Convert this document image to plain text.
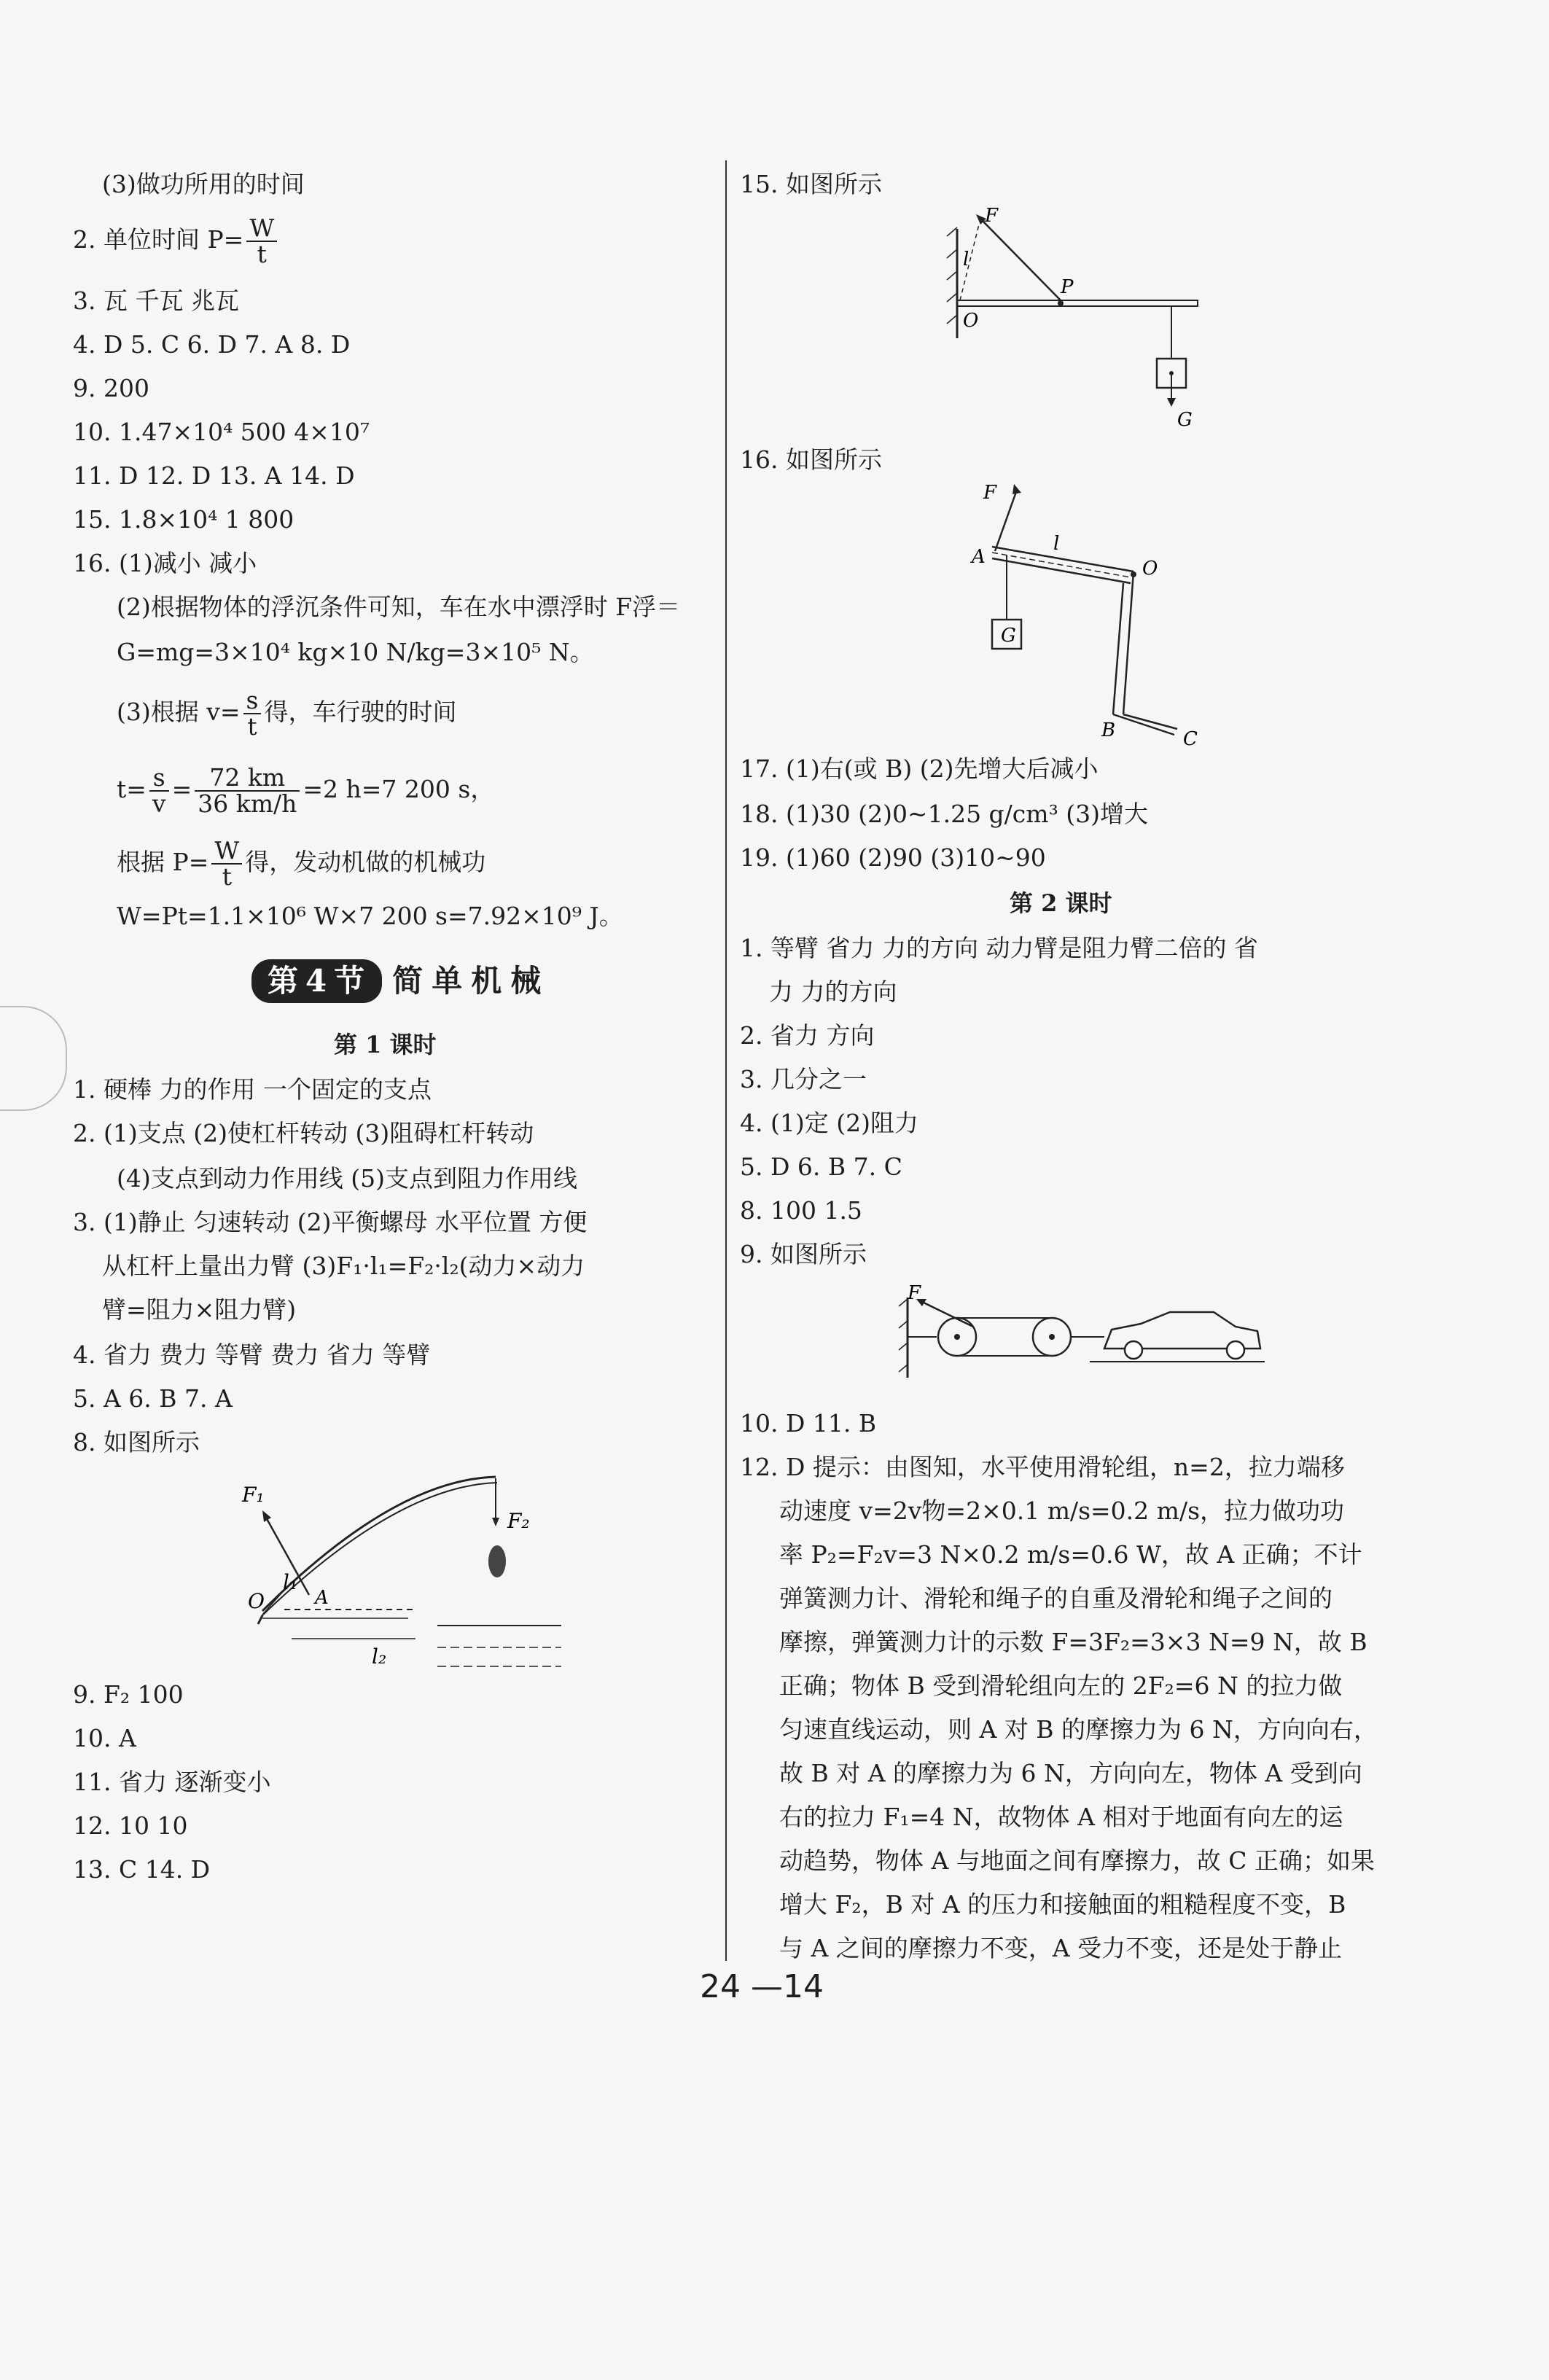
(3)做功所用的时间
2. 单位时间 $P= \frac{W}{t}$
3. 瓦 千瓦 兆瓦
4. D 5. C 6. D 7. A 8. D
9. 200
10. 1.47×10⁴ 500 4×10⁷
11. D 12. D 13. A 14. D
15. 1.8×10⁴ 1 800
16. (1)减小 减小
(2)根据物体的浮沉条件可知，车在水中漂浮时 F浮＝
G=mg=3×10⁴ kg×10 N/kg=3×10⁵ N。
(3)根据 $v= \frac{s}{t}$ 得，车行驶的时间
$t= \frac{s}{v} = \frac{72 km}{36 km/h} =2$ h=7 200 s，
根据 $P= \frac{W}{t}$ 得，发动机做的机械功
W=Pt=1.1×10⁶ W×7 200 s=7.92×10⁹ J。
第4节 简单机械
第 1 课时
1. 硬棒 力的作用 一个固定的支点
2. (1)支点 (2)使杠杆转动 (3)阻碍杠杆转动
(4)支点到动力作用线 (5)支点到阻力作用线
3. (1)静止 匀速转动 (2)平衡螺母 水平位置 方便
从杠杆上量出力臂 (3)F₁·l₁=F₂·l₂(动力×动力
臂=阻力×阻力臂)
4. 省力 费力 等臂 费力 省力 等臂
5. A 6. B 7. A
8. 如图所示
F₁
F₂
l₁
A
O
l₂
9. F₂ 100
10. A
11. 省力 逐渐变小
12. 10 10
13. C 14. D
15. 如图所示
F
l
P
O
G
16. 如图所示
F
l
A
O
G
B	C
17. (1)右(或 B) (2)先增大后减小
18. (1)30 (2)0~1.25 g/cm³ (3)增大
19. (1)60 (2)90 (3)10~90
第 2 课时
1. 等臂 省力 力的方向 动力臂是阻力臂二倍的 省
力 力的方向
2. 省力 方向
3. 几分之一
4. (1)定 (2)阻力
5. D 6. B 7. C
8. 100 1.5
9. 如图所示
F
10. D 11. B
12. D 提示：由图知，水平使用滑轮组，n=2，拉力端移
动速度 v=2v物=2×0.1 m/s=0.2 m/s，拉力做功功
率 P₂=F₂v=3 N×0.2 m/s=0.6 W，故 A 正确；不计
弹簧测力计、滑轮和绳子的自重及滑轮和绳子之间的
摩擦，弹簧测力计的示数 F=3F₂=3×3 N=9 N，故 B
正确；物体 B 受到滑轮组向左的 2F₂=6 N 的拉力做
匀速直线运动，则 A 对 B 的摩擦力为 6 N，方向向右，
故 B 对 A 的摩擦力为 6 N，方向向左，物体 A 受到向
右的拉力 F₁=4 N，故物体 A 相对于地面有向左的运
动趋势，物体 A 与地面之间有摩擦力，故 C 正确；如果
增大 F₂，B 对 A 的压力和接触面的粗糙程度不变，B
与 A 之间的摩擦力不变，A 受力不变，还是处于静止
24 —14
